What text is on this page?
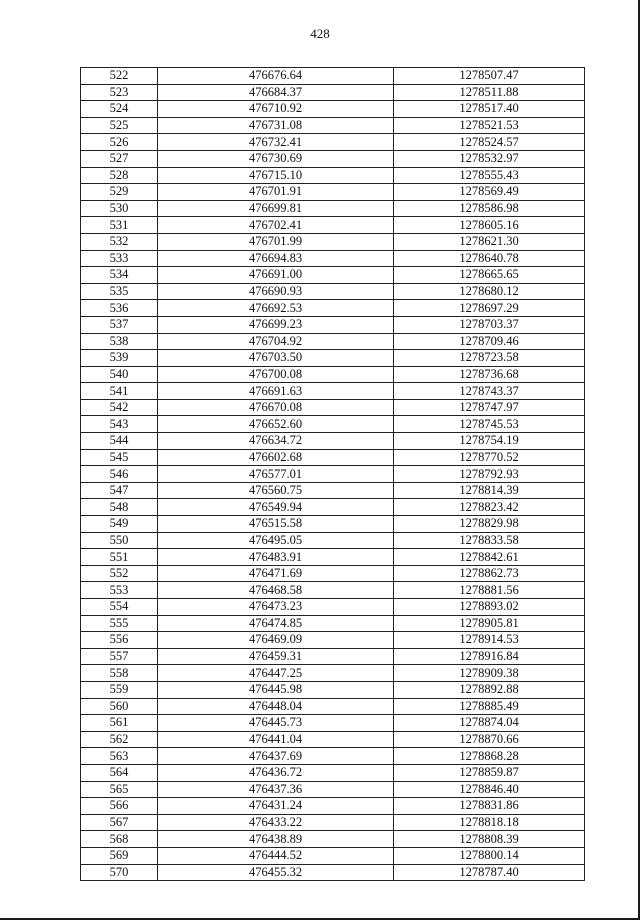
428
522	476676.64	1278507.47
523	476684.37	1278511.88
524	476710.92	1278517.40
525	476731.08	1278521.53
526	476732.41	1278524.57
527	476730.69	1278532.97
528	476715.10	1278555.43
529	476701.91	1278569.49
530	476699.81	1278586.98
531	476702.41	1278605.16
532	476701.99	1278621.30
533	476694.83	1278640.78
534	476691.00	1278665.65
535	476690.93	1278680.12
536	476692.53	1278697.29
537	476699.23	1278703.37
538	476704.92	1278709.46
539	476703.50	1278723.58
540	476700.08	1278736.68
541	476691.63	1278743.37
542	476670.08	1278747.97
543	476652.60	1278745.53
544	476634.72	1278754.19
545	476602.68	1278770.52
546	476577.01	1278792.93
547	476560.75	1278814.39
548	476549.94	1278823.42
549	476515.58	1278829.98
550	476495.05	1278833.58
551	476483.91	1278842.61
552	476471.69	1278862.73
553	476468.58	1278881.56
554	476473.23	1278893.02
555	476474.85	1278905.81
556	476469.09	1278914.53
557	476459.31	1278916.84
558	476447.25	1278909.38
559	476445.98	1278892.88
560	476448.04	1278885.49
561	476445.73	1278874.04
562	476441.04	1278870.66
563	476437.69	1278868.28
564	476436.72	1278859.87
565	476437.36	1278846.40
566	476431.24	1278831.86
567	476433.22	1278818.18
568	476438.89	1278808.39
569	476444.52	1278800.14
570	476455.32	1278787.40
